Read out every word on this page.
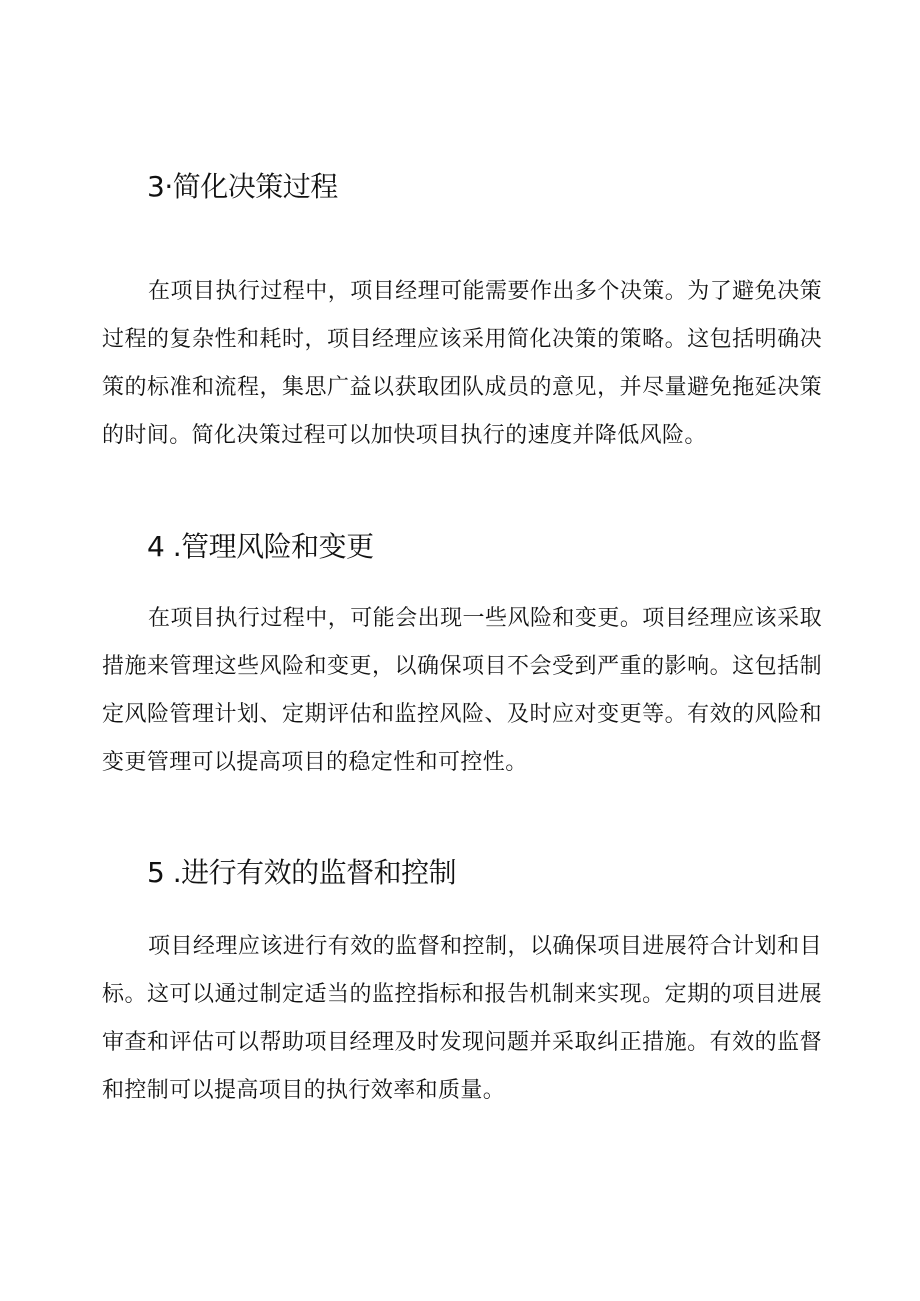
3·简化决策过程

在项目执行过程中，项目经理可能需要作出多个决策。为了避免决策过程的复杂性和耗时，项目经理应该采用简化决策的策略。这包括明确决策的标准和流程，集思广益以获取团队成员的意见，并尽量避免拖延决策的时间。简化决策过程可以加快项目执行的速度并降低风险。

4 .管理风险和变更

在项目执行过程中，可能会出现一些风险和变更。项目经理应该采取措施来管理这些风险和变更，以确保项目不会受到严重的影响。这包括制定风险管理计划、定期评估和监控风险、及时应对变更等。有效的风险和变更管理可以提高项目的稳定性和可控性。

5 .进行有效的监督和控制

项目经理应该进行有效的监督和控制，以确保项目进展符合计划和目标。这可以通过制定适当的监控指标和报告机制来实现。定期的项目进展审查和评估可以帮助项目经理及时发现问题并采取纠正措施。有效的监督和控制可以提高项目的执行效率和质量。
